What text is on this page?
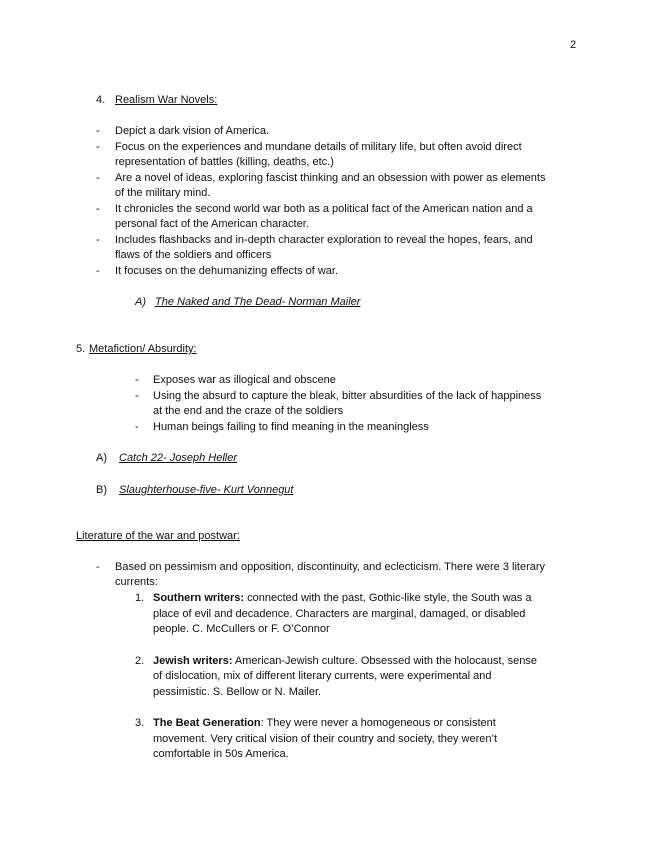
2
4. Realism War Novels:
- Depict a dark vision of America.
- Focus on the experiences and mundane details of military life, but often avoid direct
representation of battles (killing, deaths, etc.)
- Are a novel of ideas, exploring fascist thinking and an obsession with power as elements
of the military mind.
- It chronicles the second world war both as a political fact of the American nation and a
personal fact of the American character.
- Includes flashbacks and in-depth character exploration to reveal the hopes, fears, and
flaws of the soldiers and officers
- It focuses on the dehumanizing effects of war.
A) The Naked and The Dead- Norman Mailer
5. Metafiction/ Absurdity:
- Exposes war as illogical and obscene
- Using the absurd to capture the bleak, bitter absurdities of the lack of happiness
at the end and the craze of the soldiers
- Human beings failing to find meaning in the meaningless
A) Catch 22- Joseph Heller
B) Slaughterhouse-five- Kurt Vonnegut
Literature of the war and postwar:
- Based on pessimism and opposition, discontinuity, and eclecticism. There were 3 literary
currents:
1. Southern writers: connected with the past, Gothic-like style, the South was a
place of evil and decadence. Characters are marginal, damaged, or disabled
people. C. McCullers or F. O’Connor
2. Jewish writers: American-Jewish culture. Obsessed with the holocaust, sense
of dislocation, mix of different literary currents, were experimental and
pessimistic. S. Bellow or N. Mailer.
3. The Beat Generation: They were never a homogeneous or consistent
movement. Very critical vision of their country and society, they weren’t
comfortable in 50s America.
